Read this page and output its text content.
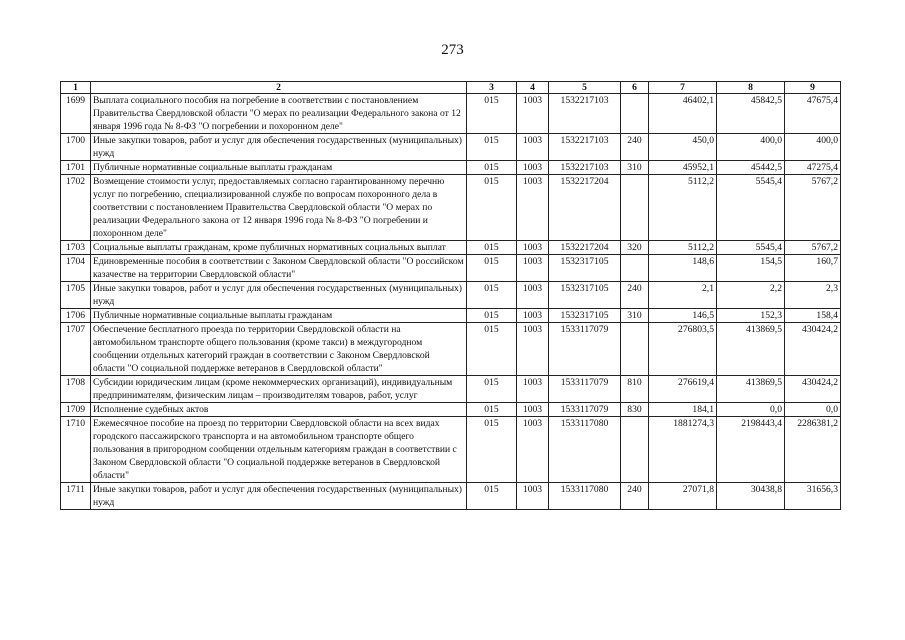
273
1	2	3	4	5	6	7	8	9
1699	Выплата социального пособия на погребение в соответствии с постановлением Правительства Свердловской области "О мерах по реализации Федерального закона от 12 января 1996 года № 8-ФЗ "О погребении и похоронном деле"	015	1003	1532217103		46402,1	45842,5	47675,4
1700	Иные закупки товаров, работ и услуг для обеспечения государственных (муниципальных) нужд	015	1003	1532217103	240	450,0	400,0	400,0
1701	Публичные нормативные социальные выплаты гражданам	015	1003	1532217103	310	45952,1	45442,5	47275,4
1702	Возмещение стоимости услуг, предоставляемых согласно гарантированному перечню услуг по погребению, специализированной службе по вопросам похоронного дела в соответствии с постановлением Правительства Свердловской области "О мерах по реализации Федерального закона от 12 января 1996 года № 8-ФЗ "О погребении и похоронном деле"	015	1003	1532217204		5112,2	5545,4	5767,2
1703	Социальные выплаты гражданам, кроме публичных нормативных социальных выплат	015	1003	1532217204	320	5112,2	5545,4	5767,2
1704	Единовременные пособия в соответствии с Законом Свердловской области "О российском казачестве на территории Свердловской области"	015	1003	1532317105		148,6	154,5	160,7
1705	Иные закупки товаров, работ и услуг для обеспечения государственных (муниципальных) нужд	015	1003	1532317105	240	2,1	2,2	2,3
1706	Публичные нормативные социальные выплаты гражданам	015	1003	1532317105	310	146,5	152,3	158,4
1707	Обеспечение бесплатного проезда по территории Свердловской области на автомобильном транспорте общего пользования (кроме такси) в междугородном сообщении отдельных категорий граждан в соответствии с Законом Свердловской области "О социальной поддержке ветеранов в Свердловской области"	015	1003	1533117079		276803,5	413869,5	430424,2
1708	Субсидии юридическим лицам (кроме некоммерческих организаций), индивидуальным предпринимателям, физическим лицам – производителям товаров, работ, услуг	015	1003	1533117079	810	276619,4	413869,5	430424,2
1709	Исполнение судебных актов	015	1003	1533117079	830	184,1	0,0	0,0
1710	Ежемесячное пособие на проезд по территории Свердловской области на всех видах городского пассажирского транспорта и на автомобильном транспорте общего пользования в пригородном сообщении отдельным категориям граждан в соответствии с Законом Свердловской области "О социальной поддержке ветеранов в Свердловской области"	015	1003	1533117080		1881274,3	2198443,4	2286381,2
1711	Иные закупки товаров, работ и услуг для обеспечения государственных (муниципальных) нужд	015	1003	1533117080	240	27071,8	30438,8	31656,3
